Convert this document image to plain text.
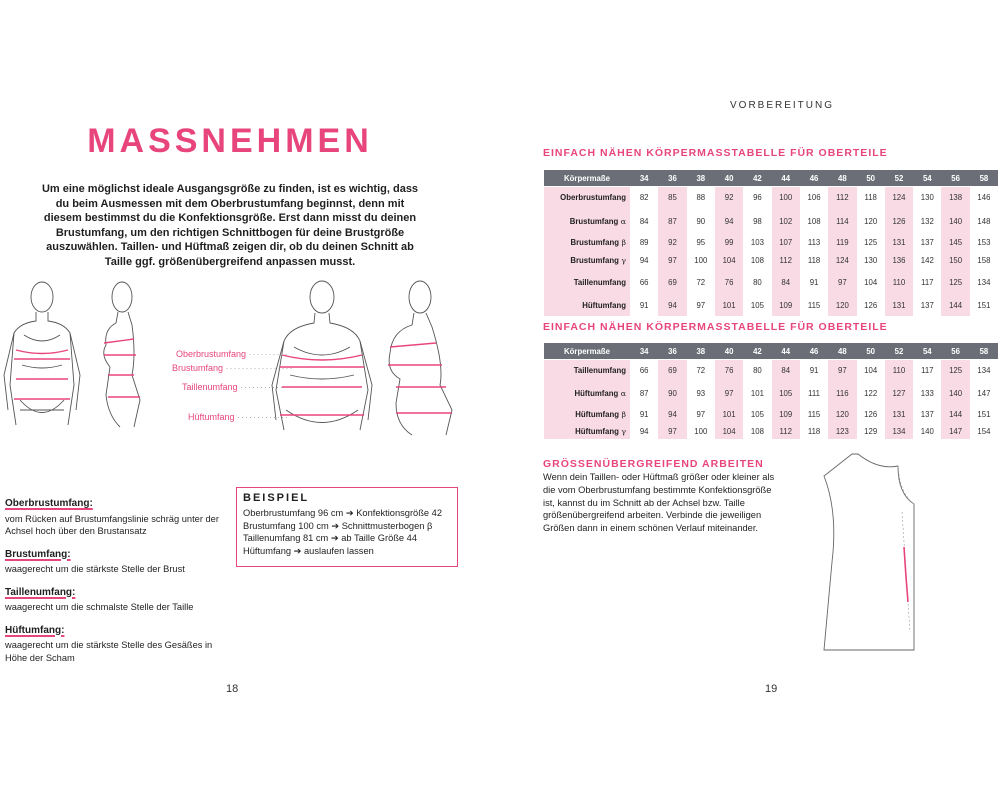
MASSNEHMEN
Um eine möglichst ideale Ausgangsgröße zu finden, ist es wichtig, dass du beim Ausmessen mit dem Oberbrustumfang beginnst, denn mit diesem bestimmst du die Konfektionsgröße. Erst dann misst du deinen Brustumfang, um den richtigen Schnittbogen für deine Brustgröße auszuwählen. Taillen- und Hüftmaß zeigen dir, ob du deinen Schnitt ab Taille ggf. größenübergreifend anpassen musst.
Oberbrustumfang ··········
Brustumfang ·················
Taillenumfang ···········
Hüftumfang ·············
Oberbrustumfang:
vom Rücken auf Brustumfangslinie schräg unter der Achsel hoch über den Brustansatz
Brustumfang:
waagerecht um die stärkste Stelle der Brust
Taillenumfang:
waagerecht um die schmalste Stelle der Taille
Hüftumfang:
waagerecht um die stärkste Stelle des Gesäßes in Höhe der Scham
BEISPIEL
Oberbrustumfang 96 cm ➔ Konfektionsgröße 42
Brustumfang 100 cm ➔ Schnittmusterbogen β
Taillenumfang 81 cm ➔ ab Taille Größe 44
Hüftumfang ➔ auslaufen lassen
18
VORBEREITUNG
EINFACH NÄHEN KÖRPERMASSTABELLE FÜR OBERTEILE
Körpermaße	34	36	38	40	42	44	46	48	50	52	54	56	58
Oberbrustumfang	82	85	88	92	96	100	106	112	118	124	130	138	146
Brustumfang α	84	87	90	94	98	102	108	114	120	126	132	140	148
Brustumfang β	89	92	95	99	103	107	113	119	125	131	137	145	153
Brustumfang γ	94	97	100	104	108	112	118	124	130	136	142	150	158
Taillenumfang	66	69	72	76	80	84	91	97	104	110	117	125	134
Hüftumfang	91	94	97	101	105	109	115	120	126	131	137	144	151
EINFACH NÄHEN KÖRPERMASSTABELLE FÜR OBERTEILE
Körpermaße	34	36	38	40	42	44	46	48	50	52	54	56	58
Taillenumfang	66	69	72	76	80	84	91	97	104	110	117	125	134
Hüftumfang α	87	90	93	97	101	105	111	116	122	127	133	140	147
Hüftumfang β	91	94	97	101	105	109	115	120	126	131	137	144	151
Hüftumfang γ	94	97	100	104	108	112	118	123	129	134	140	147	154
GRÖSSENÜBERGREIFEND ARBEITEN
Wenn dein Taillen- oder Hüftmaß größer oder kleiner als die vom Oberbrustumfang bestimmte Konfektionsgröße ist, kannst du im Schnitt ab der Achsel bzw. Taille größenübergreifend arbeiten. Verbinde die jeweiligen Größen dann in einem schönen Verlauf miteinander.
19
